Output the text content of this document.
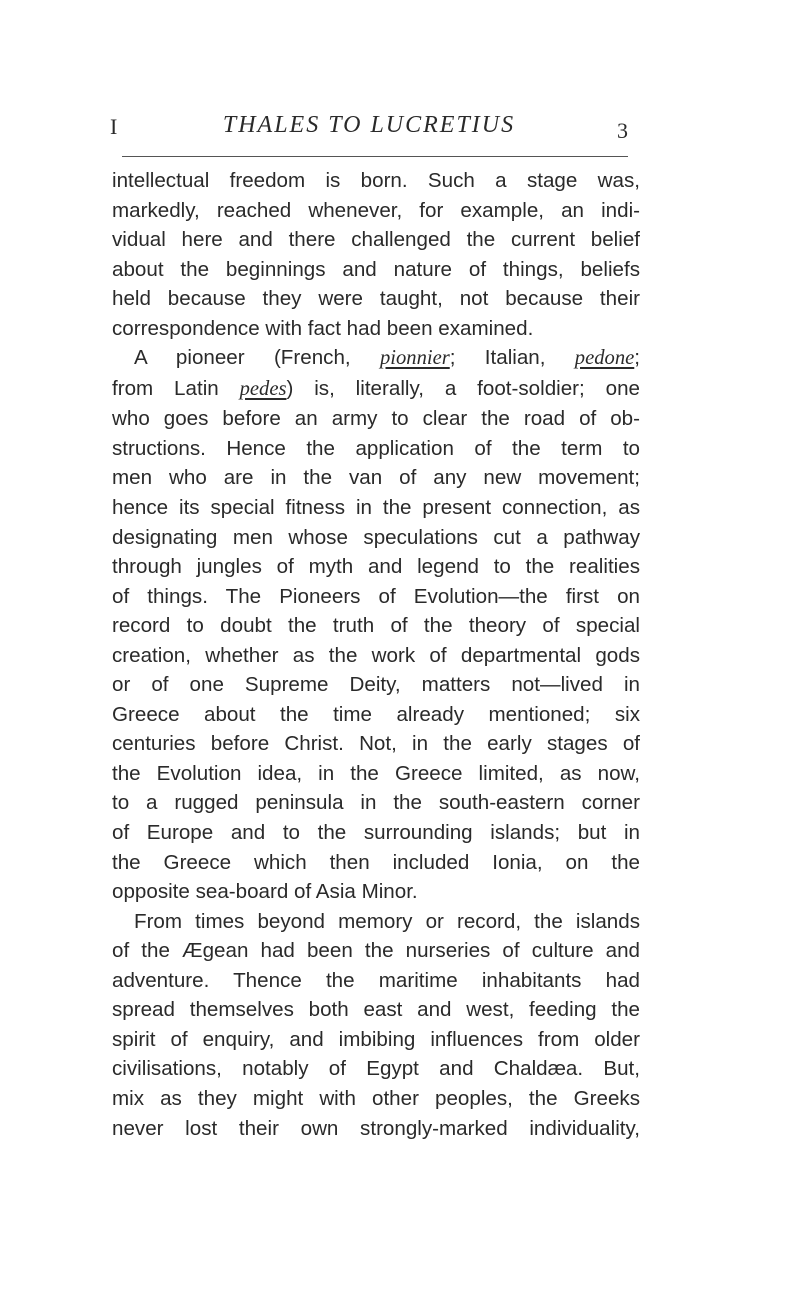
I	THALES TO LUCRETIUS	3
intellectual freedom is born. Such a stage was,
markedly, reached whenever, for example, an indi-
vidual here and there challenged the current belief
about the beginnings and nature of things, beliefs
held because they were taught, not because their
correspondence with fact had been examined.
A pioneer (French, pionnier; Italian, pedone;
from Latin pedes) is, literally, a foot-soldier; one
who goes before an army to clear the road of ob-
structions. Hence the application of the term to
men who are in the van of any new movement;
hence its special fitness in the present connection, as
designating men whose speculations cut a pathway
through jungles of myth and legend to the realities
of things. The Pioneers of Evolution—the first on
record to doubt the truth of the theory of special
creation, whether as the work of departmental gods
or of one Supreme Deity, matters not—lived in
Greece about the time already mentioned; six
centuries before Christ. Not, in the early stages of
the Evolution idea, in the Greece limited, as now,
to a rugged peninsula in the south-eastern corner
of Europe and to the surrounding islands; but in
the Greece which then included Ionia, on the
opposite sea-board of Asia Minor.
From times beyond memory or record, the islands
of the Ægean had been the nurseries of culture and
adventure. Thence the maritime inhabitants had
spread themselves both east and west, feeding the
spirit of enquiry, and imbibing influences from older
civilisations, notably of Egypt and Chaldæa. But,
mix as they might with other peoples, the Greeks
never lost their own strongly-marked individuality,
